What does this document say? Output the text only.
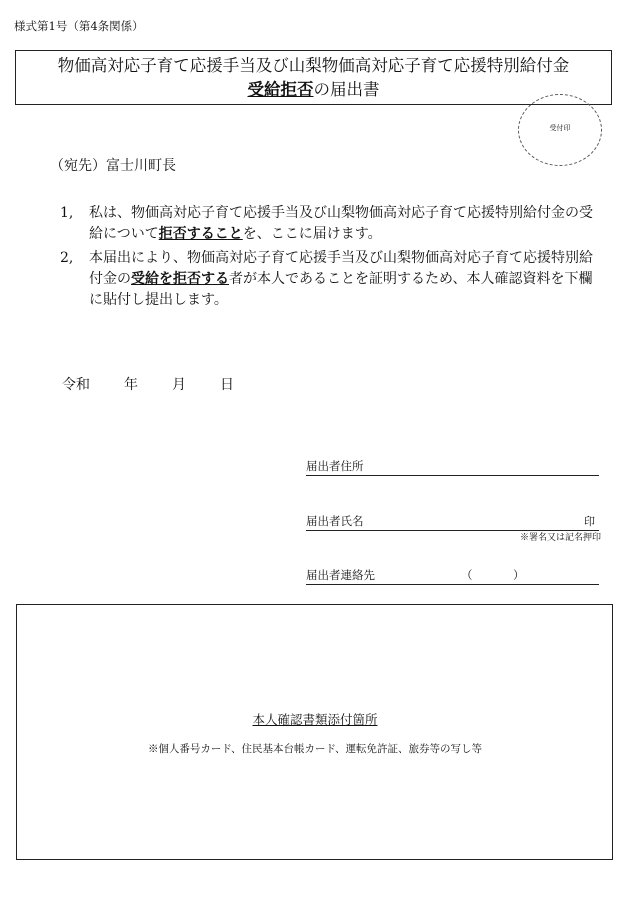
様式第1号（第4条関係）
物価高対応子育て応援手当及び山梨物価高対応子育て応援特別給付金
受給拒否の届出書
受付印
（宛先）富士川町長
1, 私は、物価高対応子育て応援手当及び山梨物価高対応子育て応援特別給付金の受給について拒否することを、ここに届けます。
2, 本届出により、物価高対応子育て応援手当及び山梨物価高対応子育て応援特別給付金の受給を拒否する者が本人であることを証明するため、本人確認資料を下欄に貼付し提出します。
令和 年 月 日
届出者住所
届出者氏名	印
※署名又は記名押印
届出者連絡先	（	）
本人確認書類添付箇所
※個人番号カード、住民基本台帳カード、運転免許証、旅券等の写し等
